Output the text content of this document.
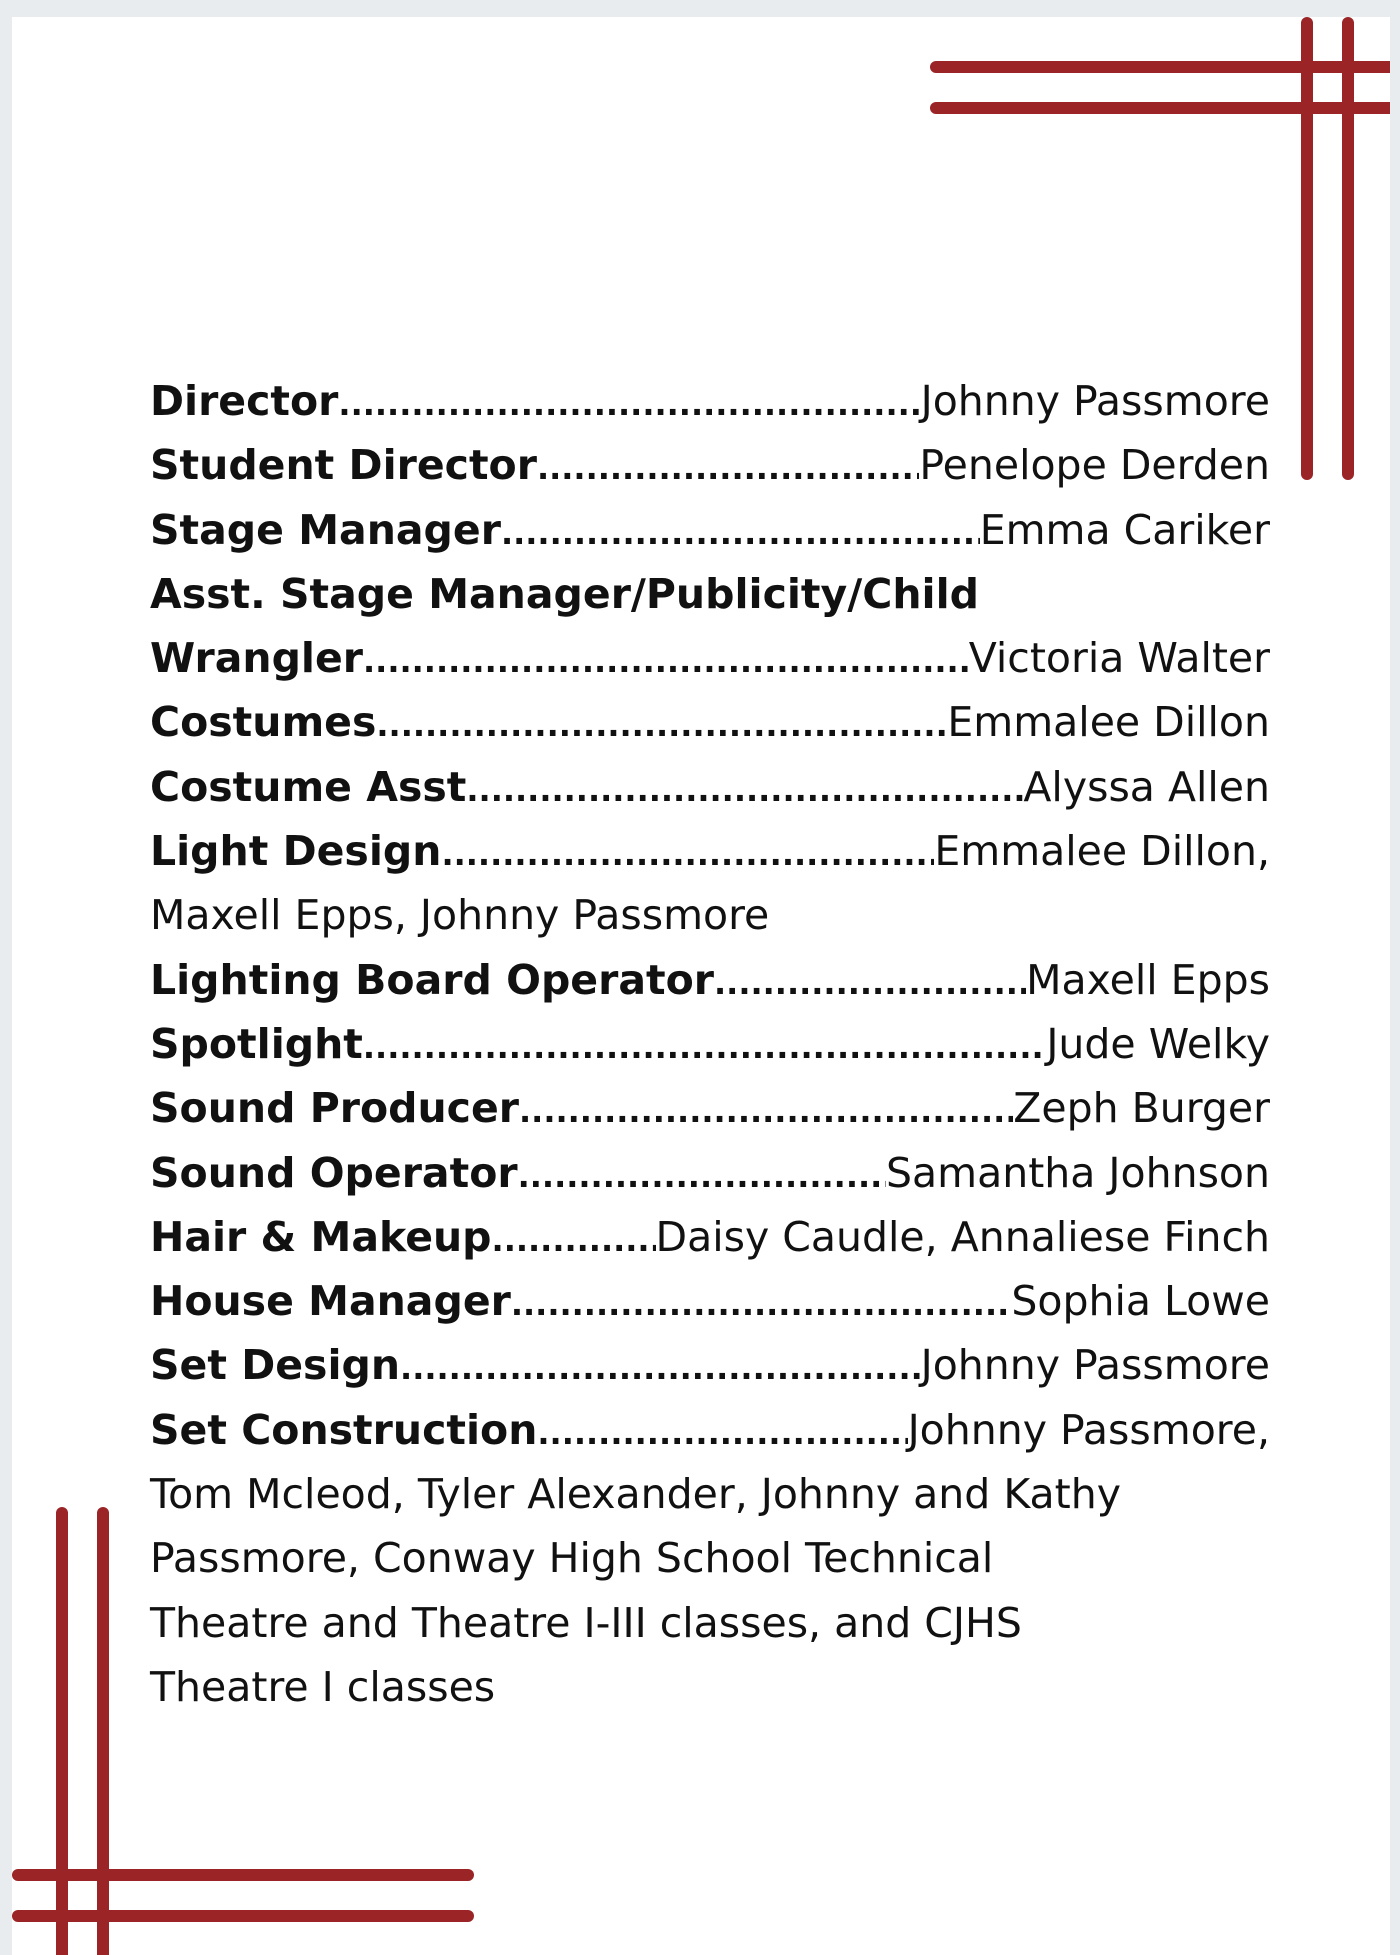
Director .....	Johnny Passmore
Student Director .....	Penelope Derden
Stage Manager .....	Emma Cariker
Asst. Stage Manager/Publicity/Child
Wrangler .....	Victoria Walter
Costumes .....	Emmalee Dillon
Costume Asst .....	Alyssa Allen
Light Design .....	Emmalee Dillon,
Maxell Epps, Johnny Passmore
Lighting Board Operator .....	Maxell Epps
Spotlight .....	Jude Welky
Sound Producer .....	Zeph Burger
Sound Operator .....	Samantha Johnson
Hair & Makeup .....	Daisy Caudle, Annaliese Finch
House Manager .....	Sophia Lowe
Set Design .....	Johnny Passmore
Set Construction .....	Johnny Passmore,
Tom Mcleod, Tyler Alexander, Johnny and Kathy
Passmore, Conway High School Technical
Theatre and Theatre I-III classes, and CJHS
Theatre I classes
